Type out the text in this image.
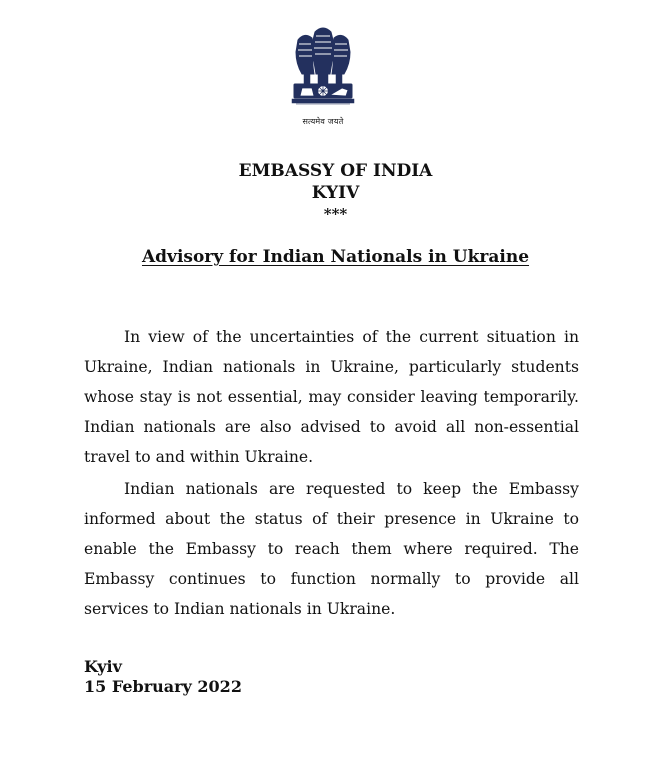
सत्यमेव जयते
EMBASSY OF INDIA
KYIV
***
Advisory for Indian Nationals in Ukraine

In view of the uncertainties of the current situation in Ukraine, Indian nationals in Ukraine, particularly students whose stay is not essential, may consider leaving temporarily. Indian nationals are also advised to avoid all non-essential travel to and within Ukraine.

Indian nationals are requested to keep the Embassy informed about the status of their presence in Ukraine to enable the Embassy to reach them where required. The Embassy continues to function normally to provide all services to Indian nationals in Ukraine.

Kyiv
15 February 2022
